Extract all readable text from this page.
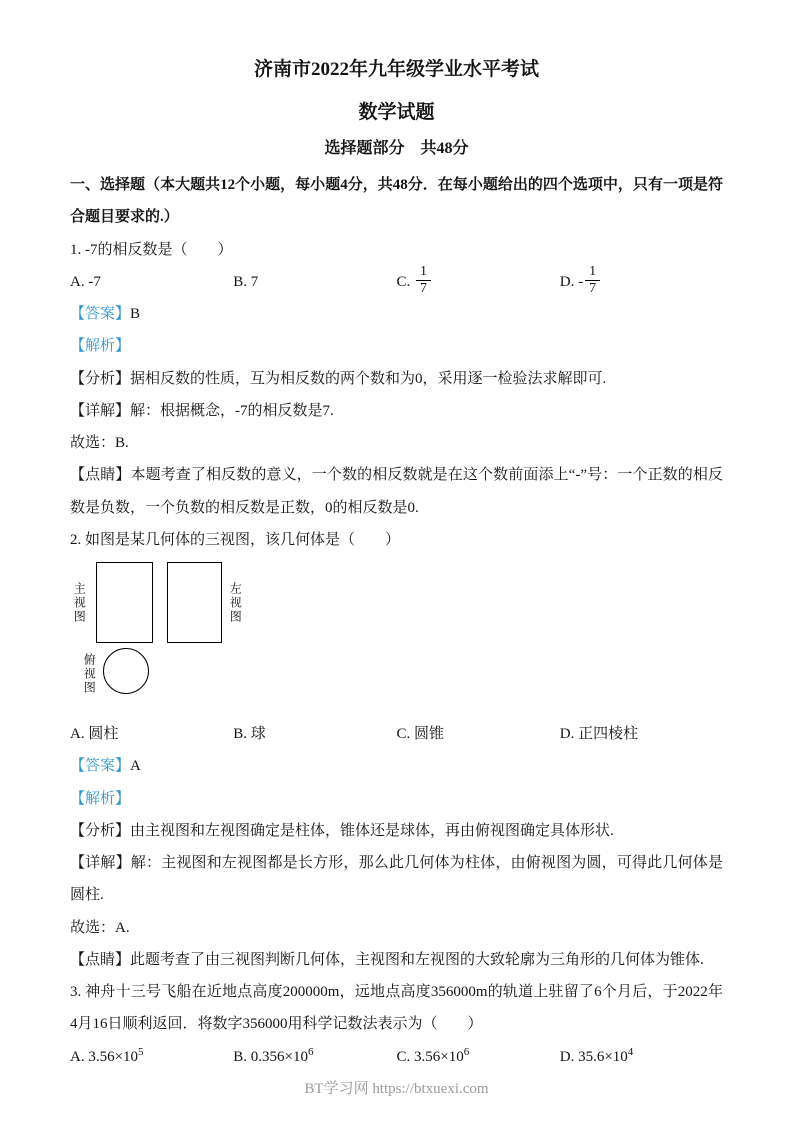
济南市2022年九年级学业水平考试
数学试题
选择题部分　共48分

一、选择题（本大题共12个小题，每小题4分，共48分．在每小题给出的四个选项中，只有一项是符合题目要求的.）

1. -7的相反数是（　　）

A. -7	B. 7	C. $\frac{1}{7}$	D. - $\frac{1}{7}$

【答案】B

【解析】

【分析】据相反数的性质，互为相反数的两个数和为0，采用逐一检验法求解即可.

【详解】解：根据概念，-7的相反数是7.

故选：B.

【点睛】本题考查了相反数的意义，一个数的相反数就是在这个数前面添上“-”号：一个正数的相反数是负数，一个负数的相反数是正数，0的相反数是0.

2. 如图是某几何体的三视图，该几何体是（　　）

主视图	左视图
俯视图
A. 圆柱	B. 球	C. 圆锥	D. 正四棱柱

【答案】A

【解析】

【分析】由主视图和左视图确定是柱体，锥体还是球体，再由俯视图确定具体形状.

【详解】解：主视图和左视图都是长方形，那么此几何体为柱体，由俯视图为圆，可得此几何体是圆柱.

故选：A.

【点睛】此题考查了由三视图判断几何体，主视图和左视图的大致轮廓为三角形的几何体为锥体.

3. 神舟十三号飞船在近地点高度200000m，远地点高度356000m的轨道上驻留了6个月后，于2022年4月16日顺利返回．将数字356000用科学记数法表示为（　　）

A. $3.56\times 10^5$	B. $0.356\times 10^6$	C. $3.56\times 10^6$	D. $35.6\times 10^4$
BT学习网 https://btxuexi.com
